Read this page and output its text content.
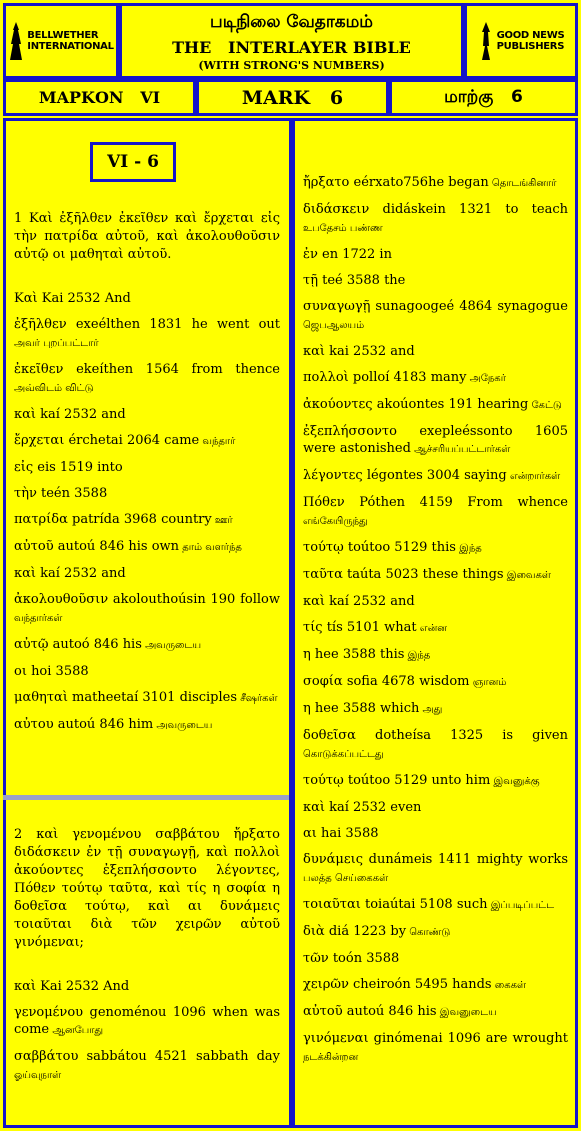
BELLWETHER
INTERNATIONAL
படிநிலை வேதாகமம்
THE   INTERLAYER BIBLE
(WITH STRONG'S NUMBERS)
GOOD NEWS
PUBLISHERS
ΜΑΡΚΟΝ   VI	MARK   6	மாற்கு   6
VI - 6
1 Καὶ ἐξῆλθεν ἐκεῖθεν καὶ ἔρχεται εἰς τὴν πατρίδα αὐτοῦ, καὶ ἀκολουθοῦσιν αὐτῷ οι μαθηταὶ αὐτοῦ.
Καὶ Kai 2532 And
ἐξῆλθεν exeélthen 1831 he went out அவர் புறப்பட்டார்
ἐκεῖθεν ekeíthen 1564 from thence அவ்விடம் விட்டு
καὶ kaí 2532 and
ἔρχεται érchetai 2064 came வந்தார்
εἰς eis 1519 into
τὴν teén 3588
πατρίδα patrída 3968 country ஊர்
αὐτοῦ autoú 846 his own தாம் வளர்ந்த
καὶ kaí 2532 and
ἀκολουθοῦσιν akolouthoúsin 190 follow வந்தார்கள்
αὐτῷ autoó 846 his அவருடைய
οι hoi 3588
μαθηταὶ matheetaí 3101 disciples சீஷர்கள்
αὐτου autoú 846 him அவருடைய
2 καὶ γενομένου σαββάτου ἤρξατο διδάσκειν ἐν τῇ συναγωγῇ, καὶ πολλοὶ ἀκούοντες ἐξεπλήσσοντο λέγοντες, Πόθεν τούτῳ ταῦτα, καὶ τίς η σοφία η δοθεῖσα τούτῳ, καὶ αι δυνάμεις τοιαῦται διὰ τῶν χειρῶν αὐτοῦ γινόμεναι;
καὶ Kai 2532 And
γενομένου genoménou 1096 when was come ஆனபோது
σαββάτου sabbátou 4521 sabbath day ஓய்வுநாள்
ἤρξατο eérxato756he began தொடங்கினார்
διδάσκειν didáskein 1321 to teach உபதேசம் பண்ண
ἐν en 1722 in
τῇ teé 3588 the
συναγωγῇ sunagoogeé 4864 synagogue ஜெபஆலயம்
καὶ kai 2532 and
πολλοὶ polloí 4183 many அநேகர்
ἀκούοντες akoúontes 191 hearing கேட்டு
ἐξεπλήσσοντο exepleéssonto 1605 were astonished ஆச்சரியப்பட்டார்கள்
λέγοντες légontes 3004 saying என்றார்கள்
Πόθεν Póthen 4159 From whence எங்கேயிருந்து
τούτῳ toútoo 5129 this இந்த
ταῦτα taúta 5023 these things இவைகள்
καὶ kaí 2532 and
τίς tís 5101 what என்ன
η hee 3588 this இந்த
σοφία sofia 4678 wisdom ஞானம்
η hee 3588 which அது
δοθεῖσα dotheísa 1325 is given கொடுக்கப்பட்டது
τούτῳ toútoo 5129 unto him இவனுக்கு
καὶ kaí 2532 even
αι hai 3588
δυνάμεις dunámeis 1411 mighty works பலத்த செய்கைகள்
τοιαῦται toiaútai 5108 such இப்படிப்பட்ட
διὰ diá 1223 by கொண்டு
τῶν toón 3588
χειρῶν cheiroón 5495 hands கைகள்
αὐτοῦ autoú 846 his இவனுடைய
γινόμεναι ginómenai 1096 are wrought நடக்கின்றன
